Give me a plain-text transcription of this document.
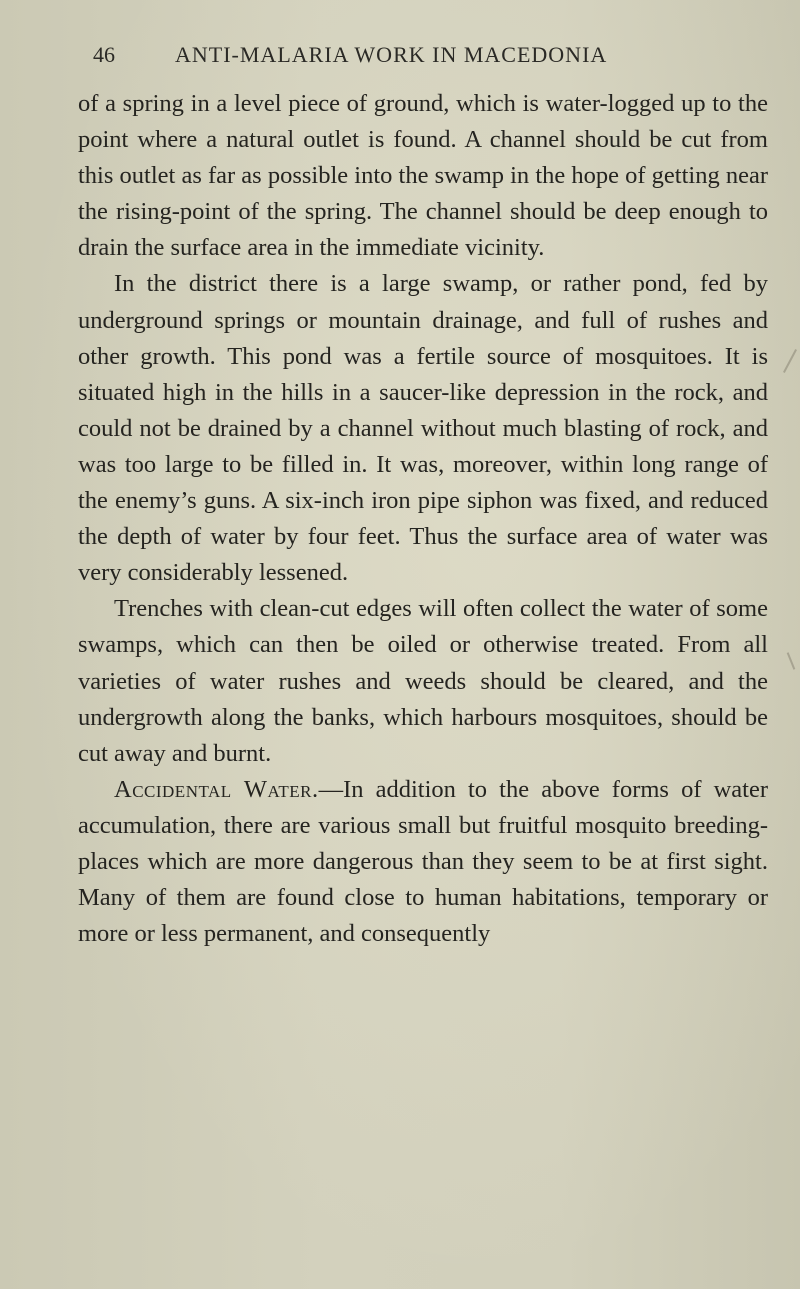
46	ANTI-MALARIA WORK IN MACEDONIA

of a spring in a level piece of ground, which is water-logged up to the point where a natural outlet is found. A channel should be cut from this outlet as far as possible into the swamp in the hope of getting near the rising-point of the spring. The channel should be deep enough to drain the surface area in the immediate vicinity.

In the district there is a large swamp, or rather pond, fed by underground springs or mountain drainage, and full of rushes and other growth. This pond was a fertile source of mosquitoes. It is situated high in the hills in a saucer-like depression in the rock, and could not be drained by a channel without much blasting of rock, and was too large to be filled in. It was, moreover, within long range of the enemy’s guns. A six-inch iron pipe siphon was fixed, and reduced the depth of water by four feet. Thus the surface area of water was very considerably lessened.

Trenches with clean-cut edges will often collect the water of some swamps, which can then be oiled or otherwise treated. From all varieties of water rushes and weeds should be cleared, and the undergrowth along the banks, which harbours mosquitoes, should be cut away and burnt.

Accidental Water.—In addition to the above forms of water accumulation, there are various small but fruitful mosquito breeding-places which are more dangerous than they seem to be at first sight. Many of them are found close to human habitations, temporary or more or less permanent, and consequently
